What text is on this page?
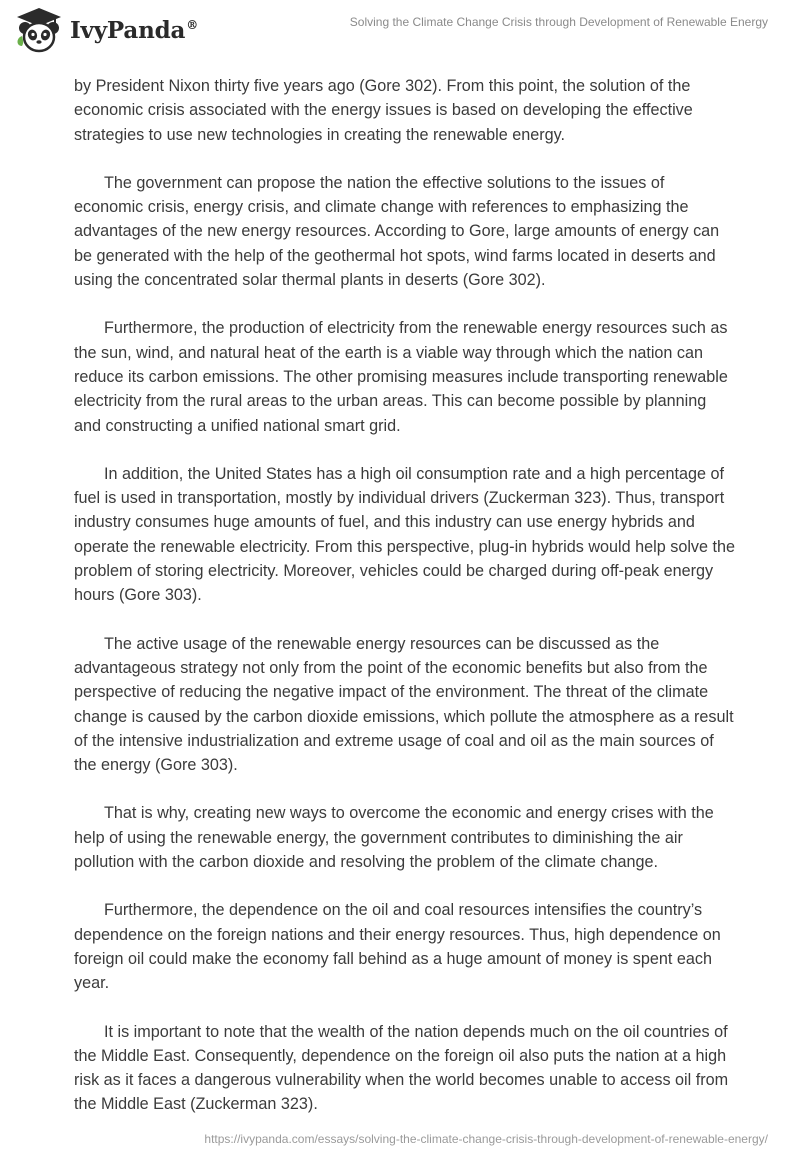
IvyPanda®	Solving the Climate Change Crisis through Development of Renewable Energy

by President Nixon thirty five years ago (Gore 302). From this point, the solution of the economic crisis associated with the energy issues is based on developing the effective strategies to use new technologies in creating the renewable energy.

The government can propose the nation the effective solutions to the issues of economic crisis, energy crisis, and climate change with references to emphasizing the advantages of the new energy resources. According to Gore, large amounts of energy can be generated with the help of the geothermal hot spots, wind farms located in deserts and using the concentrated solar thermal plants in deserts (Gore 302).

Furthermore, the production of electricity from the renewable energy resources such as the sun, wind, and natural heat of the earth is a viable way through which the nation can reduce its carbon emissions. The other promising measures include transporting renewable electricity from the rural areas to the urban areas. This can become possible by planning and constructing a unified national smart grid.

In addition, the United States has a high oil consumption rate and a high percentage of fuel is used in transportation, mostly by individual drivers (Zuckerman 323). Thus, transport industry consumes huge amounts of fuel, and this industry can use energy hybrids and operate the renewable electricity. From this perspective, plug-in hybrids would help solve the problem of storing electricity. Moreover, vehicles could be charged during off-peak energy hours (Gore 303).

The active usage of the renewable energy resources can be discussed as the advantageous strategy not only from the point of the economic benefits but also from the perspective of reducing the negative impact of the environment. The threat of the climate change is caused by the carbon dioxide emissions, which pollute the atmosphere as a result of the intensive industrialization and extreme usage of coal and oil as the main sources of the energy (Gore 303).

That is why, creating new ways to overcome the economic and energy crises with the help of using the renewable energy, the government contributes to diminishing the air pollution with the carbon dioxide and resolving the problem of the climate change.

Furthermore, the dependence on the oil and coal resources intensifies the country’s dependence on the foreign nations and their energy resources. Thus, high dependence on foreign oil could make the economy fall behind as a huge amount of money is spent each year.

It is important to note that the wealth of the nation depends much on the oil countries of the Middle East. Consequently, dependence on the foreign oil also puts the nation at a high risk as it faces a dangerous vulnerability when the world becomes unable to access oil from the Middle East (Zuckerman 323).

https://ivypanda.com/essays/solving-the-climate-change-crisis-through-development-of-renewable-energy/
